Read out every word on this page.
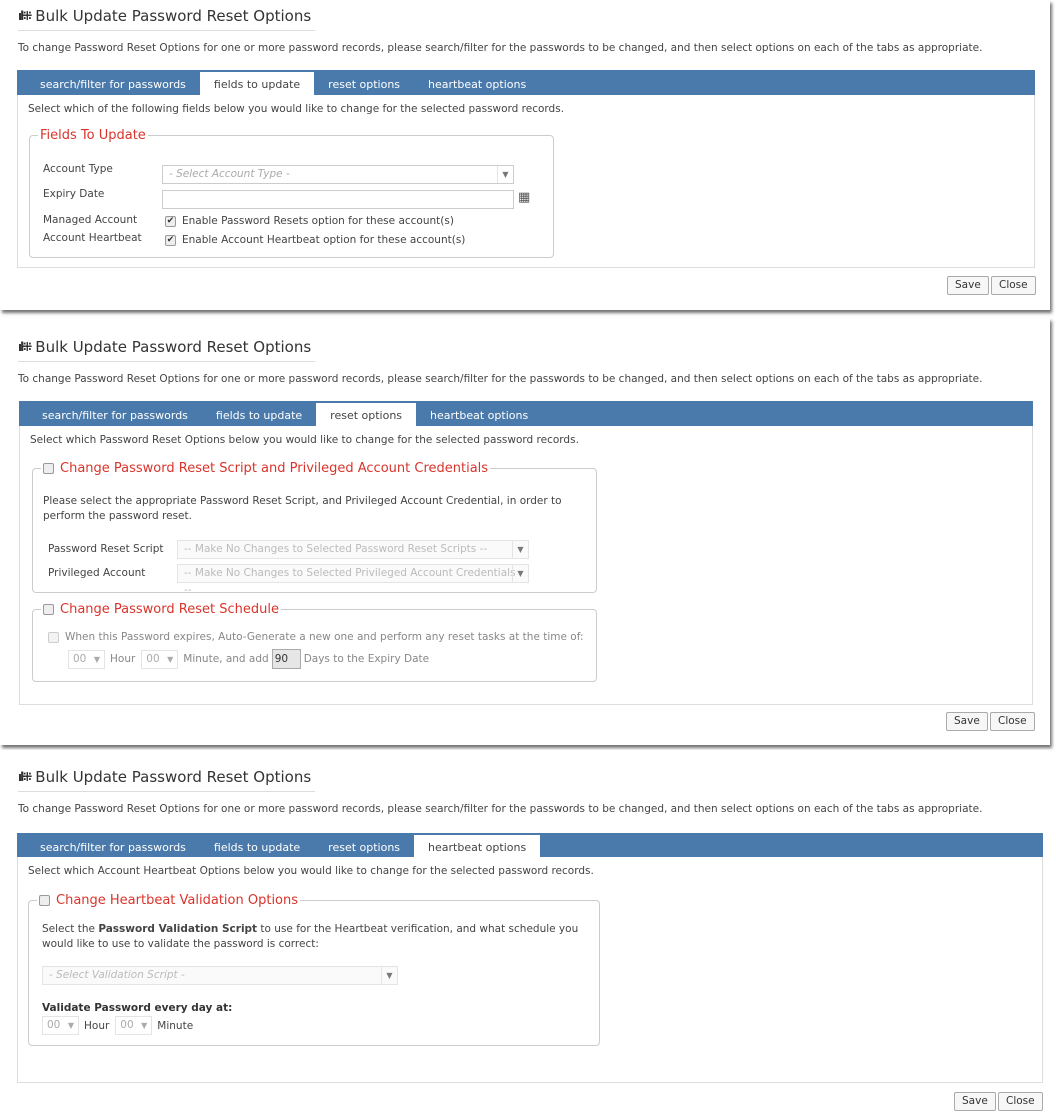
ıl⁜ Bulk Update Password Reset Options
To change Password Reset Options for one or more password records, please search/filter for the passwords to be changed, and then select options on each of the tabs as appropriate.
search/filter for passwords	fields to update	reset options	heartbeat options
Select which of the following fields below you would like to change for the selected password records.
Fields To Update
Account Type	- Select Account Type -	▼
Expiry Date	▦
Managed Account	✔ Enable Password Resets option for these account(s)
Account Heartbeat	✔ Enable Account Heartbeat option for these account(s)
Save	Close
ıl⁜ Bulk Update Password Reset Options
To change Password Reset Options for one or more password records, please search/filter for the passwords to be changed, and then select options on each of the tabs as appropriate.
search/filter for passwords	fields to update	reset options	heartbeat options
Select which Password Reset Options below you would like to change for the selected password records.
Change Password Reset Script and Privileged Account Credentials
Please select the appropriate Password Reset Script, and Privileged Account Credential, in order to perform the password reset.
Password Reset Script	-- Make No Changes to Selected Password Reset Scripts --	▼
Privileged Account	-- Make No Changes to Selected Privileged Account Credentials --
▼
Change Password Reset Schedule
When this Password expires, Auto-Generate a new one and perform any reset tasks at the time of:
00 ▼ Hour	00 ▼ Minute, and add 90	Days to the Expiry Date
Save	Close
ıl⁜ Bulk Update Password Reset Options
To change Password Reset Options for one or more password records, please search/filter for the passwords to be changed, and then select options on each of the tabs as appropriate.
search/filter for passwords	fields to update	reset options	heartbeat options
Select which Account Heartbeat Options below you would like to change for the selected password records.
Change Heartbeat Validation Options
Select the Password Validation Script to use for the Heartbeat verification, and what schedule you would like to use to validate the password is correct:
- Select Validation Script -	▼
Validate Password every day at:
00 ▼ Hour	00 ▼ Minute
Save	Close
